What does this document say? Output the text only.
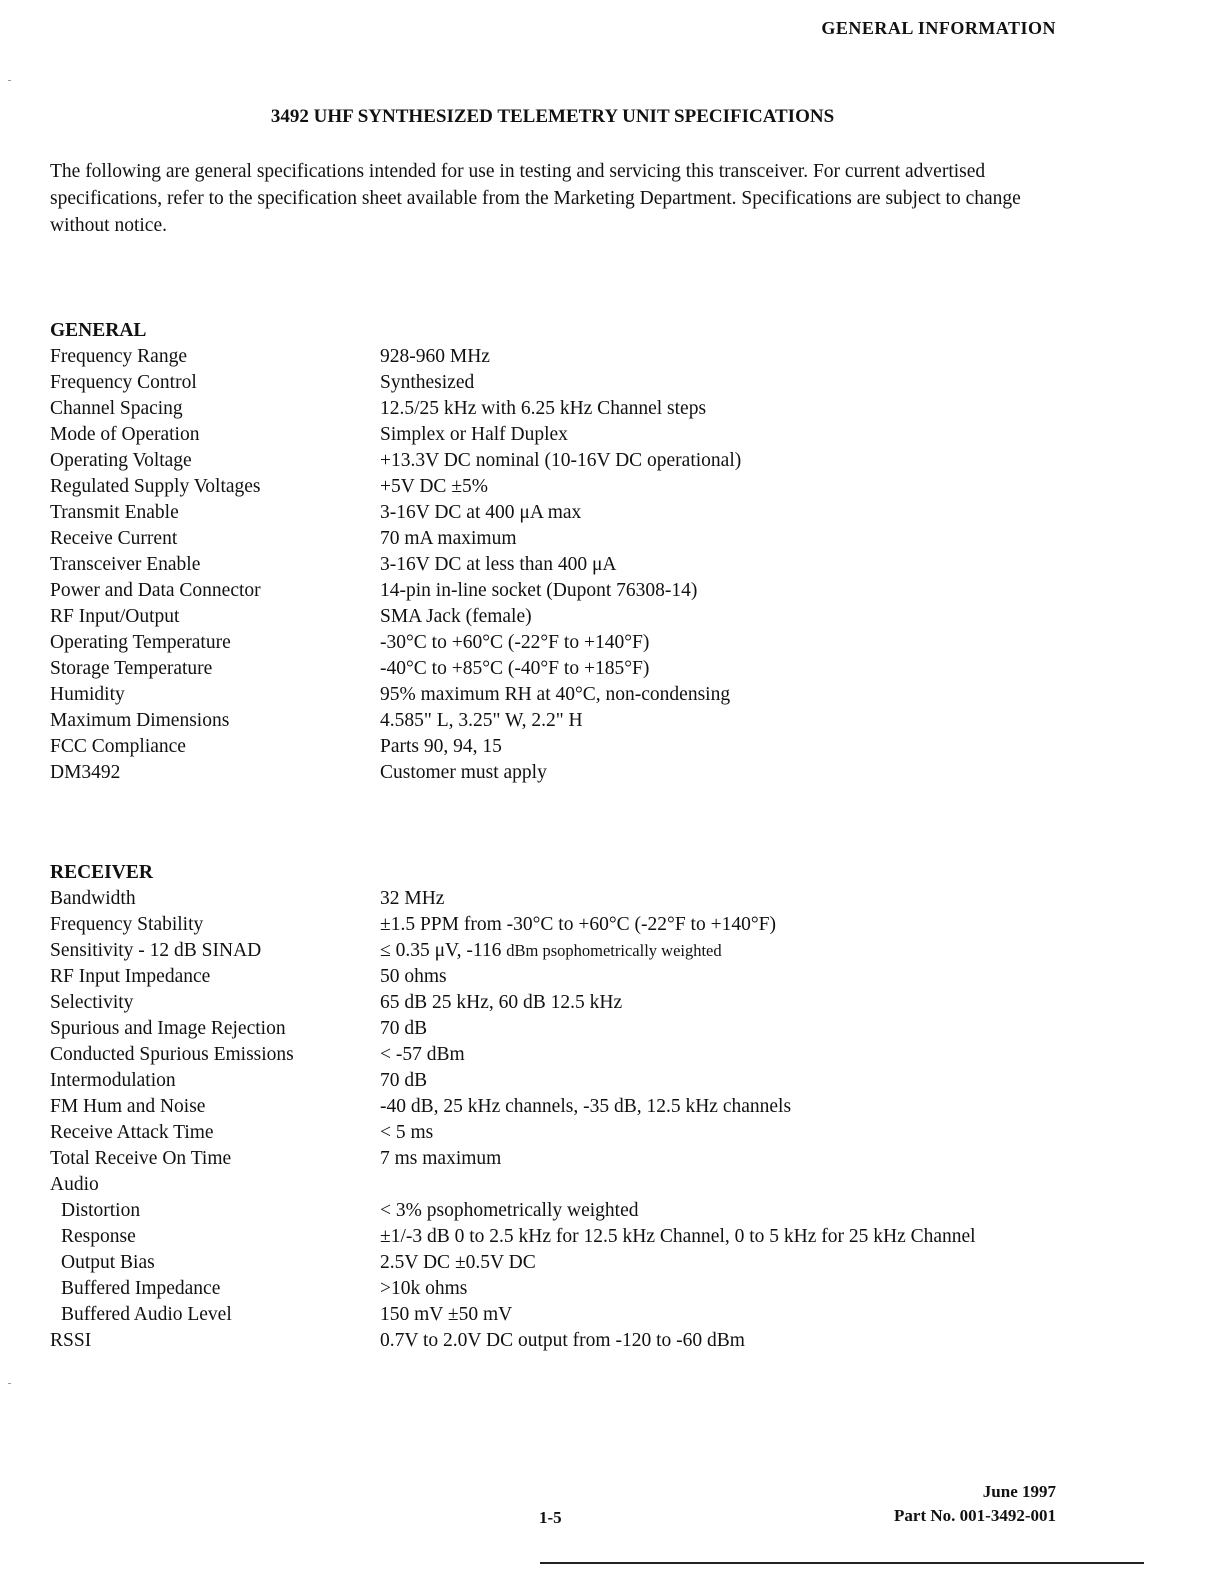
GENERAL INFORMATION
3492 UHF SYNTHESIZED TELEMETRY UNIT SPECIFICATIONS
The following are general specifications intended for use in testing and servicing this transceiver. For current advertised specifications, refer to the specification sheet available from the Marketing Department. Specifications are subject to change without notice.
GENERAL
Frequency Range	928-960 MHz
Frequency Control	Synthesized
Channel Spacing	12.5/25 kHz with 6.25 kHz Channel steps
Mode of Operation	Simplex or Half Duplex
Operating Voltage	+13.3V DC nominal (10-16V DC operational)
Regulated Supply Voltages	+5V DC ±5%
Transmit Enable	3-16V DC at 400 μA max
Receive Current	70 mA maximum
Transceiver Enable	3-16V DC at less than 400 μA
Power and Data Connector	14-pin in-line socket (Dupont 76308-14)
RF Input/Output	SMA Jack (female)
Operating Temperature	-30°C to +60°C (-22°F to +140°F)
Storage Temperature	-40°C to +85°C (-40°F to +185°F)
Humidity	95% maximum RH at 40°C, non-condensing
Maximum Dimensions	4.585" L, 3.25" W, 2.2" H
FCC Compliance	Parts 90, 94, 15
DM3492	Customer must apply
RECEIVER
Bandwidth	32 MHz
Frequency Stability	±1.5 PPM from -30°C to +60°C (-22°F to +140°F)
Sensitivity - 12 dB SINAD	≤ 0.35 μV, -116 dBm psophometrically weighted
RF Input Impedance	50 ohms
Selectivity	65 dB 25 kHz, 60 dB 12.5 kHz
Spurious and Image Rejection	70 dB
Conducted Spurious Emissions	< -57 dBm
Intermodulation	70 dB
FM Hum and Noise	-40 dB, 25 kHz channels, -35 dB, 12.5 kHz channels
Receive Attack Time	< 5 ms
Total Receive On Time	7 ms maximum
Audio
Distortion	< 3% psophometrically weighted
Response	±1/-3 dB 0 to 2.5 kHz for 12.5 kHz Channel, 0 to 5 kHz for 25 kHz Channel
Output Bias	2.5V DC ±0.5V DC
Buffered Impedance	>10k ohms
Buffered Audio Level	150 mV ±50 mV
RSSI	0.7V to 2.0V DC output from -120 to -60 dBm
June 1997
1-5	Part No. 001-3492-001
